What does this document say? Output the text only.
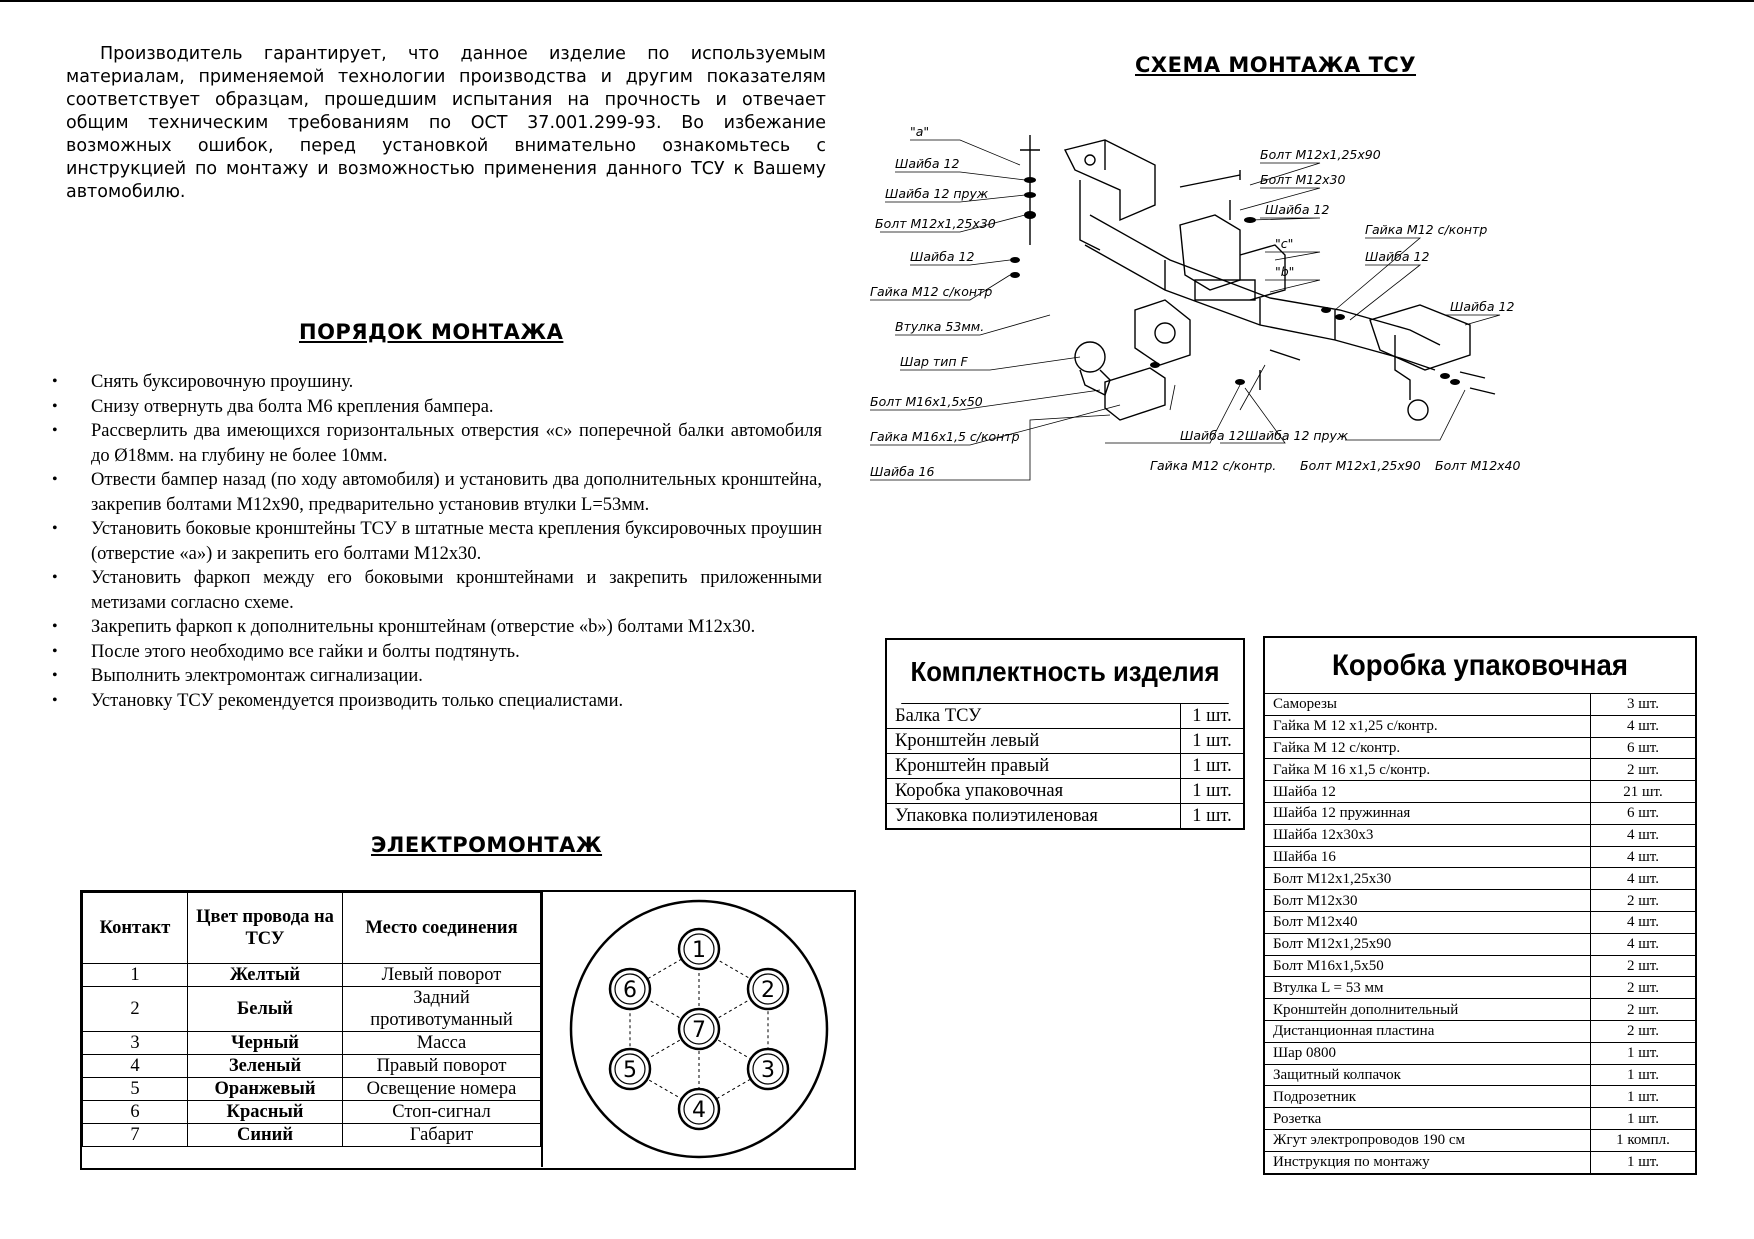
Производитель гарантирует, что данное изделие по используемым материалам, применяемой технологии производства и другим показателям соответствует образцам, прошедшим испытания на прочность и отвечает общим техническим требованиям по ОСТ 37.001.299-93. Во избежание возможных ошибок, перед установкой внимательно ознакомьтесь с инструкцией по монтажу и возможностью применения данного ТСУ к Вашему автомобилю.

ПОРЯДОК МОНТАЖА
СХЕМА МОНТАЖА ТСУ
ЭЛЕКТРОМОНТАЖ
• Снять буксировочную проушину.
• Снизу отвернуть два болта М6 крепления бампера.
• Рассверлить два имеющихся горизонтальных отверстия «с» поперечной балки автомобиля до Ø18мм. на глубину не более 10мм.
• Отвести бампер назад (по ходу автомобиля) и установить два дополнительных кронштейна, закрепив болтами М12х90, предварительно установив втулки L=53мм.
• Установить боковые кронштейны ТСУ в штатные места крепления буксировочных проушин (отверстие «а») и закрепить его болтами М12х30.
• Установить фаркоп между его боковыми кронштейнами и закрепить приложенными метизами согласно схеме.
• Закрепить фаркоп к дополнительны кронштейнам (отверстие «b») болтами М12х30.
• После этого необходимо все гайки и болты подтянуть.
• Выполнить электромонтаж сигнализации.
• Установку ТСУ рекомендуется производить только специалистами.
"a"
Шайба 12
Шайба 12 пруж
Болт М12х1,25х30
Шайба 12
Гайка М12 с/контр
Втулка 53мм.
Шар тип F
Болт М16х1,5х50
Гайка М16х1,5 с/контр
Шайба 16
Болт М12х1,25х90
Болт М12х30
Шайба 12
"c"
"b"
Гайка М12 с/контр
Шайба 12
Шайба 12
Шайба 12
Гайка М12 с/контр.
Шайба 12 пруж
Болт М12х1,25х90 Болт М12х40
Контакт	Цвет провода на ТСУ	Место соединения
1	Желтый	Левый поворот
2	Белый	Задний противотуманный
3	Черный	Масса
4	Зеленый	Правый поворот
5	Оранжевый	Освещение номера
6	Красный	Стоп-сигнал
7	Синий	Габарит
1
2
3
4
5
6
7
Комплектность изделия
Балка ТСУ	1 шт.
Кронштейн левый	1 шт.
Кронштейн правый	1 шт.
Коробка упаковочная	1 шт.
Упаковка полиэтиленовая	1 шт.
Коробка упаковочная
Саморезы	3 шт.
Гайка М 12 х1,25 с/контр.	4 шт.
Гайка М 12 с/контр.	6 шт.
Гайка М 16 х1,5 с/контр.	2 шт.
Шайба 12	21 шт.
Шайба 12 пружинная	6 шт.
Шайба 12х30х3	4 шт.
Шайба 16	4 шт.
Болт М12х1,25х30	4 шт.
Болт М12х30	2 шт.
Болт М12х40	4 шт.
Болт М12х1,25х90	4 шт.
Болт М16х1,5х50	2 шт.
Втулка L = 53 мм	2 шт.
Кронштейн дополнительный	2 шт.
Дистанционная пластина	2 шт.
Шар 0800	1 шт.
Защитный колпачок	1 шт.
Подрозетник	1 шт.
Розетка	1 шт.
Жгут электропроводов 190 см	1 компл.
Инструкция по монтажу	1 шт.
